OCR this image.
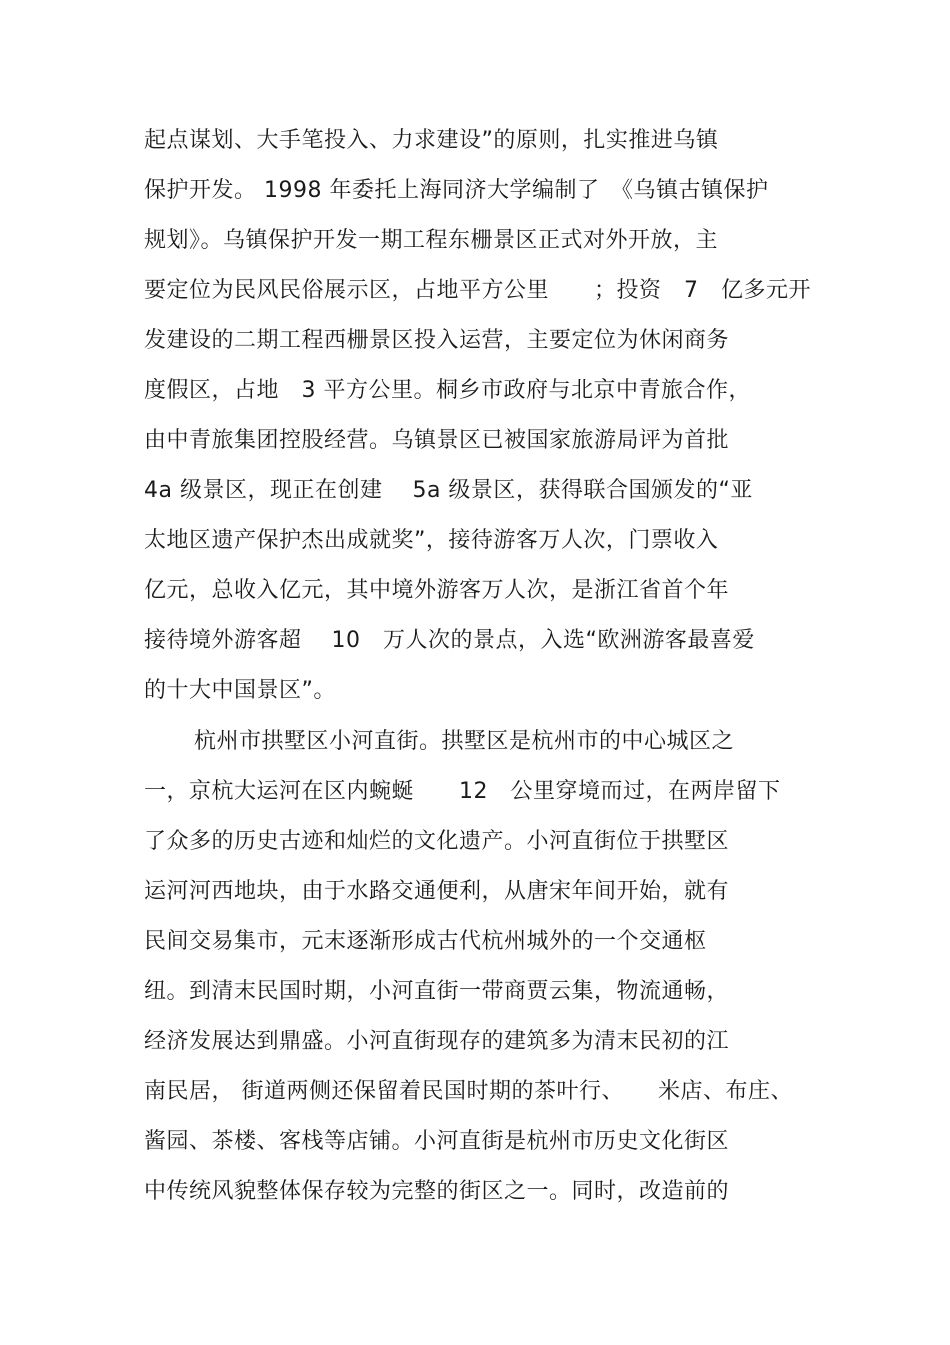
起点谋划、大手笔投入、力求建设”的原则，扎实推进乌镇
保护开发。 1998 年委托上海同济大学编制了　《乌镇古镇保护
规划》。乌镇保护开发一期工程东栅景区正式对外开放，主
要定位为民风民俗展示区，占地平方公里　　；投资　7　亿多元开
发建设的二期工程西栅景区投入运营，主要定位为休闲商务
度假区，占地　3 平方公里。桐乡市政府与北京中青旅合作，
由中青旅集团控股经营。乌镇景区已被国家旅游局评为首批
4a 级景区，现正在创建　 5a 级景区，获得联合国颁发的“亚
太地区遗产保护杰出成就奖”，接待游客万人次，门票收入
亿元，总收入亿元，其中境外游客万人次，是浙江省首个年
接待境外游客超　 10　万人次的景点，入选“欧洲游客最喜爱
的十大中国景区”。
杭州市拱墅区小河直街。拱墅区是杭州市的中心城区之
一，京杭大运河在区内蜿蜒　　12　公里穿境而过，在两岸留下
了众多的历史古迹和灿烂的文化遗产。小河直街位于拱墅区
运河河西地块，由于水路交通便利，从唐宋年间开始，就有
民间交易集市，元末逐渐形成古代杭州城外的一个交通枢
纽。到清末民国时期，小河直街一带商贾云集，物流通畅，
经济发展达到鼎盛。小河直街现存的建筑多为清末民初的江
南民居， 街道两侧还保留着民国时期的茶叶行、　　米店、布庄、
酱园、茶楼、客栈等店铺。小河直街是杭州市历史文化街区
中传统风貌整体保存较为完整的街区之一。同时，改造前的
